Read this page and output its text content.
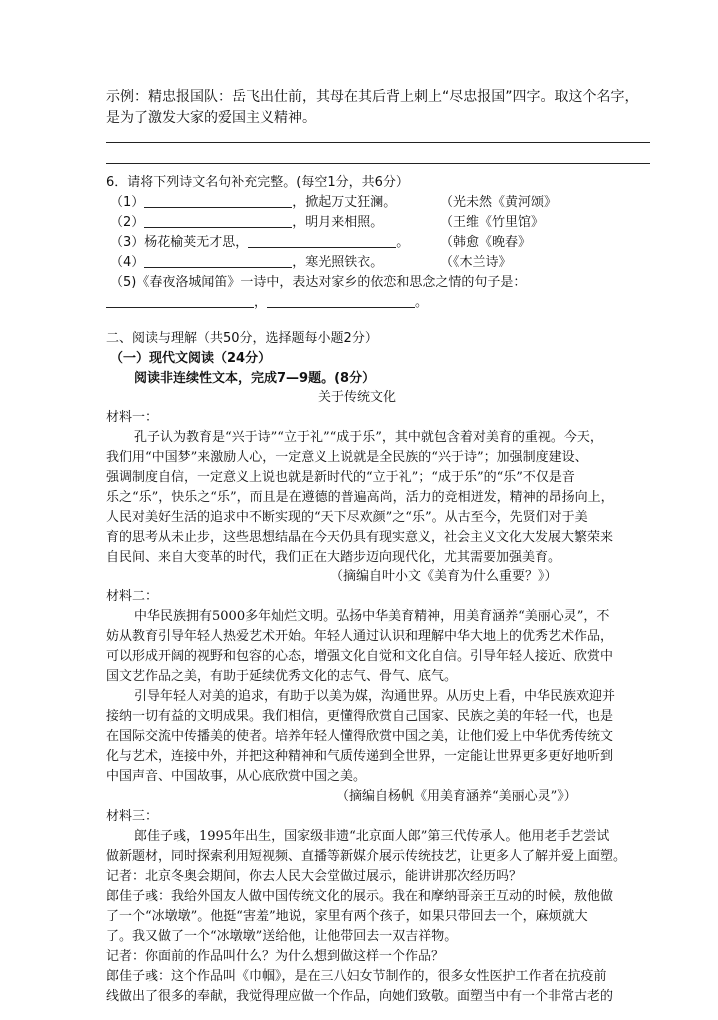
示例：精忠报国队：岳飞出仕前，其母在其后背上刺上“尽忠报国”四字。取这个名字，
是为了激发大家的爱国主义精神。
6．请将下列诗文名句补充完整。(每空1分，共6分）
（1）	，掀起万丈狂澜。	（光未然《黄河颂》
（2）	，明月来相照。	（王维《竹里馆》
（3）杨花榆荚无才思，	。 （韩愈《晚春》
（4）	，寒光照铁衣。	（《木兰诗》
（5)《春夜洛城闻笛》一诗中，表达对家乡的依恋和思念之情的句子是：
，	。
二、阅读与理解（共50分，选择题每小题2分）
（一）现代文阅读（24分）
阅读非连续性文本，完成7—9题。(8分）
关于传统文化
材料一：
孔子认为教育是“兴于诗”“立于礼”“成于乐”，其中就包含着对美育的重视。今天，
我们用“中国梦”来激励人心，一定意义上说就是全民族的“兴于诗”；加强制度建设、
强调制度自信，一定意义上说也就是新时代的“立于礼”；“成于乐”的“乐”不仅是音
乐之“乐”，快乐之“乐”，而且是在遵德的普遍高尚，活力的竞相迸发，精神的昂扬向上，
人民对美好生活的追求中不断实现的“天下尽欢颜”之“乐”。从古至今，先贤们对于美
育的思考从未止步，这些思想结晶在今天仍具有现实意义，社会主义文化大发展大繁荣来
自民间、来自大变革的时代，我们正在大踏步迈向现代化，尤其需要加强美育。
（摘编自叶小文《美育为什么重要？》）
材料二：
中华民族拥有5000多年灿烂文明。弘扬中华美育精神，用美育涵养“美丽心灵”，不
妨从教育引导年轻人热爱艺术开始。年轻人通过认识和理解中华大地上的优秀艺术作品，
可以形成开阔的视野和包容的心态，增强文化自觉和文化自信。引导年轻人接近、欣赏中
国文艺作品之美，有助于延续优秀文化的志气、骨气、底气。
引导年轻人对美的追求，有助于以美为媒，沟通世界。从历史上看，中华民族欢迎并
接纳一切有益的文明成果。我们相信，更懂得欣赏自己国家、民族之美的年轻一代，也是
在国际交流中传播美的使者。培养年轻人懂得欣赏中国之美，让他们爱上中华优秀传统文
化与艺术，连接中外，并把这种精神和气质传递到全世界，一定能让世界更多更好地听到
中国声音、中国故事，从心底欣赏中国之美。
（摘编自杨帆《用美育涵养“美丽心灵”》）
材料三：
郎佳子彧，1995年出生，国家级非遗“北京面人郎”第三代传承人。他用老手艺尝试
做新题材，同时探索利用短视频、直播等新媒介展示传统技艺，让更多人了解并爱上面塑。
记者：北京冬奥会期间，你去人民大会堂做过展示，能讲讲那次经历吗？
郎佳子彧：我给外国友人做中国传统文化的展示。我在和摩纳哥亲王互动的时候，敖他做
了一个“冰墩墩”。他挺“害羞”地说，家里有两个孩子，如果只带回去一个，麻烦就大
了。我又做了一个“冰墩墩”送给他，让他带回去一双吉祥物。
记者：你面前的作品叫什么？为什么想到做这样一个作品？
郎佳子彧：这个作品叫《巾帼》，是在三八妇女节制作的，很多女性医护工作者在抗疫前
线做出了很多的奉献，我觉得理应做一个作品，向她们致敬。面塑当中有一个非常古老的
